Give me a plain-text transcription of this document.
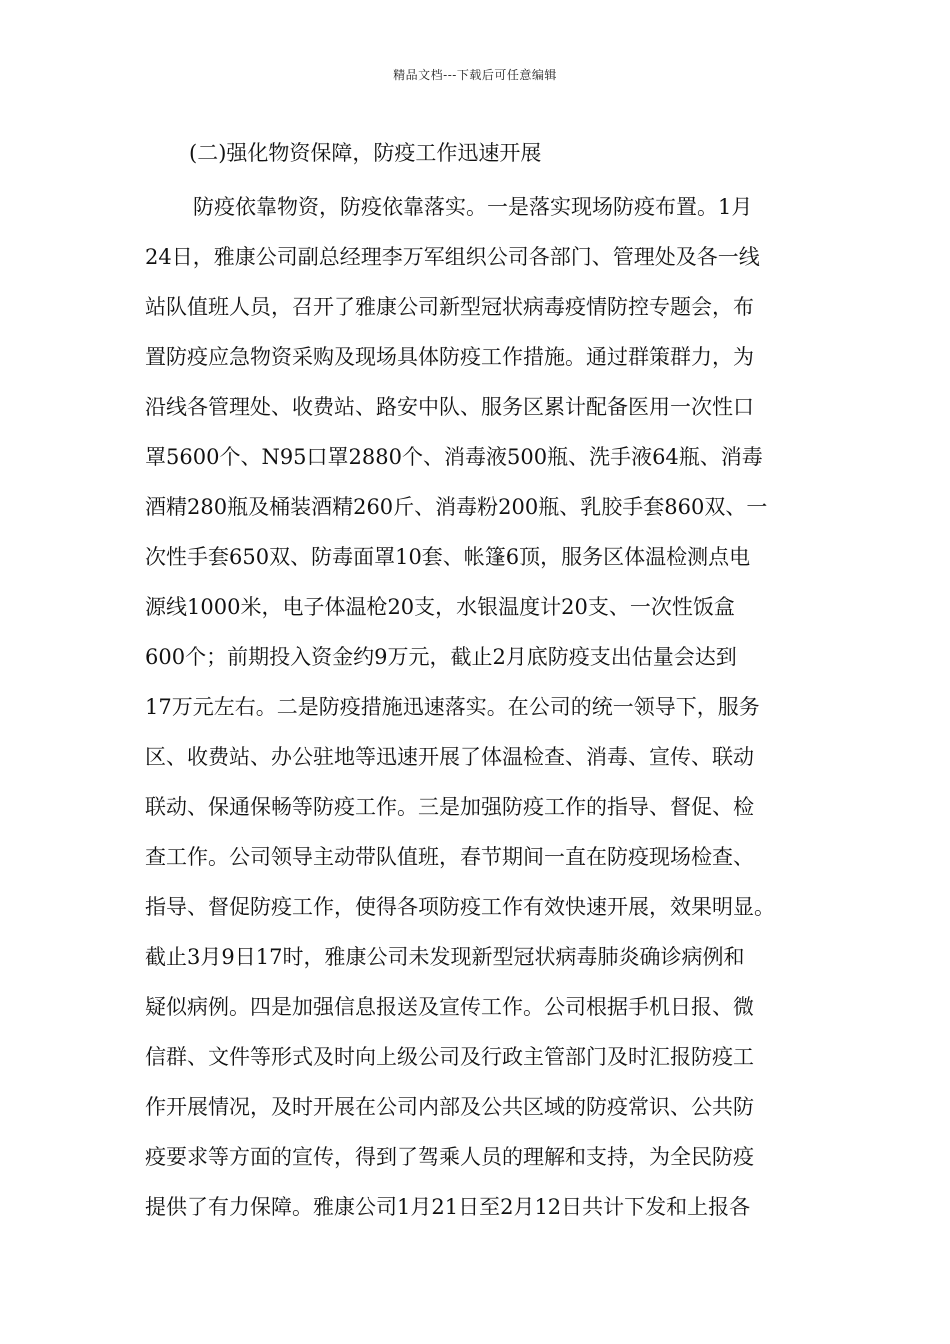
精品文档---下载后可任意编辑
(二)强化物资保障，防疫工作迅速开展
防疫依靠物资，防疫依靠落实。一是落实现场防疫布置。1月
24日，雅康公司副总经理李万军组织公司各部门、管理处及各一线
站队值班人员，召开了雅康公司新型冠状病毒疫情防控专题会，布
置防疫应急物资采购及现场具体防疫工作措施。通过群策群力，为
沿线各管理处、收费站、路安中队、服务区累计配备医用一次性口
罩5600个、N95口罩2880个、消毒液500瓶、洗手液64瓶、消毒
酒精280瓶及桶装酒精260斤、消毒粉200瓶、乳胶手套860双、一
次性手套650双、防毒面罩10套、帐篷6顶，服务区体温检测点电
源线1000米，电子体温枪20支，水银温度计20支、一次性饭盒
600个；前期投入资金约9万元，截止2月底防疫支出估量会达到
17万元左右。二是防疫措施迅速落实。在公司的统一领导下，服务
区、收费站、办公驻地等迅速开展了体温检查、消毒、宣传、联动
联动、保通保畅等防疫工作。三是加强防疫工作的指导、督促、检
查工作。公司领导主动带队值班，春节期间一直在防疫现场检查、
指导、督促防疫工作，使得各项防疫工作有效快速开展，效果明显。
截止3月9日17时，雅康公司未发现新型冠状病毒肺炎确诊病例和
疑似病例。四是加强信息报送及宣传工作。公司根据手机日报、微
信群、文件等形式及时向上级公司及行政主管部门及时汇报防疫工
作开展情况，及时开展在公司内部及公共区域的防疫常识、公共防
疫要求等方面的宣传，得到了驾乘人员的理解和支持，为全民防疫
提供了有力保障。雅康公司1月21日至2月12日共计下发和上报各
